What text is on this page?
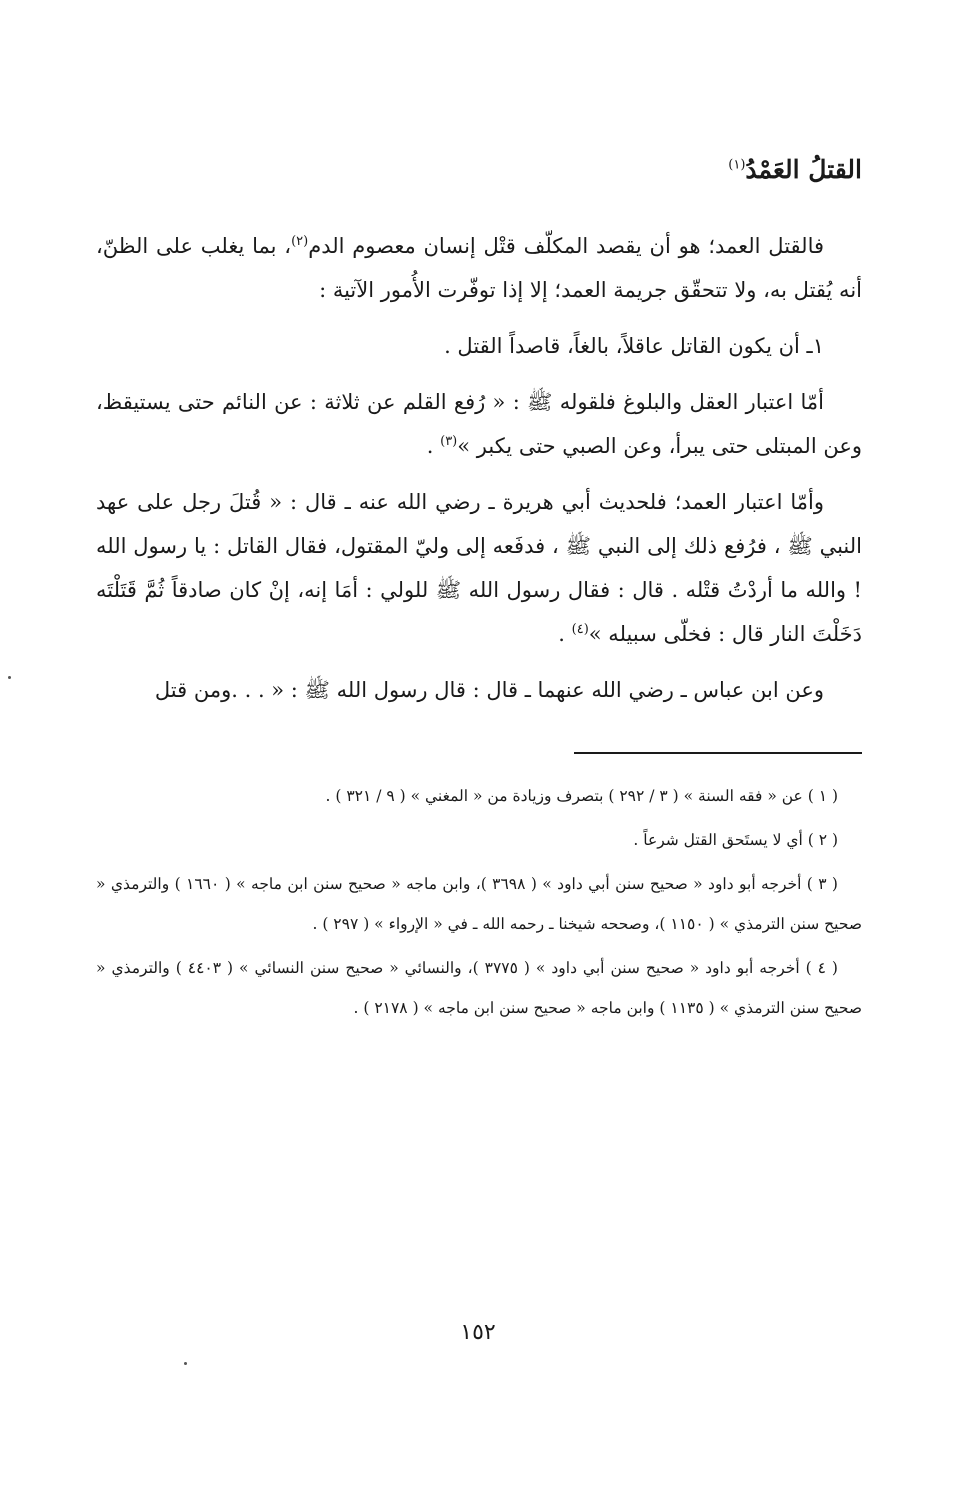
القتلُ العَمْدُ$^{(١)}$

فالقتل العمد؛ هو أن يقصد المكلّف قتْل إنسان معصوم الدم$^{(٢)}$، بما يغلب على الظنّ، أنه يُقتل به، ولا تتحقّق جريمة العمد؛ إلا إذا توفّرت الأُمور الآتية :

١ـ أن يكون القاتل عاقلاً، بالغاً، قاصداً القتل .

أمّا اعتبار العقل والبلوغ فلقوله ﷺ : « رُفع القلم عن ثلاثة : عن النائم حتى يستيقظ، وعن المبتلى حتى يبرأ، وعن الصبي حتى يكبر »$^{(٣)}$ .

وأمّا اعتبار العمد؛ فلحديث أبي هريرة ـ رضي الله عنه ـ قال : « قُتلَ رجل على عهد النبي ﷺ ، فرُفع ذلك إلى النبي ﷺ ، فدفَعه إلى وليّ المقتول، فقال القاتل : يا رسول الله ! والله ما أردْتُ قتْله . قال : فقال رسول الله ﷺ للولي : أمَا إنه، إنْ كان صادقاً ثُمَّ قَتَلْتَه دَخَلْتَ النار قال : فخلّى سبيله »$^{(٤)}$ .

وعن ابن عباس ـ رضي الله عنهما ـ قال : قال رسول الله ﷺ : « . . .ومن قتل

( ١ ) عن « فقه السنة » ( ٣ / ٢٩٢ ) بتصرف وزيادة من « المغني » ( ٩ / ٣٢١ ) .

( ٢ ) أي لا يستَحق القتل شرعاً .

( ٣ ) أخرجه أبو داود « صحيح سنن أبي داود » ( ٣٦٩٨ )، وابن ماجه « صحيح سنن ابن ماجه » ( ١٦٦٠ ) والترمذي « صحيح سنن الترمذي » ( ١١٥٠ )، وصححه شيخنا ـ رحمه الله ـ في « الإرواء » ( ٢٩٧ ) .

( ٤ ) أخرجه أبو داود « صحيح سنن أبي داود » ( ٣٧٧٥ )، والنسائي « صحيح سنن النسائي » ( ٤٤٠٣ ) والترمذي « صحيح سنن الترمذي » ( ١١٣٥ ) وابن ماجه « صحيح سنن ابن ماجه » ( ٢١٧٨ ) .

١٥٢
